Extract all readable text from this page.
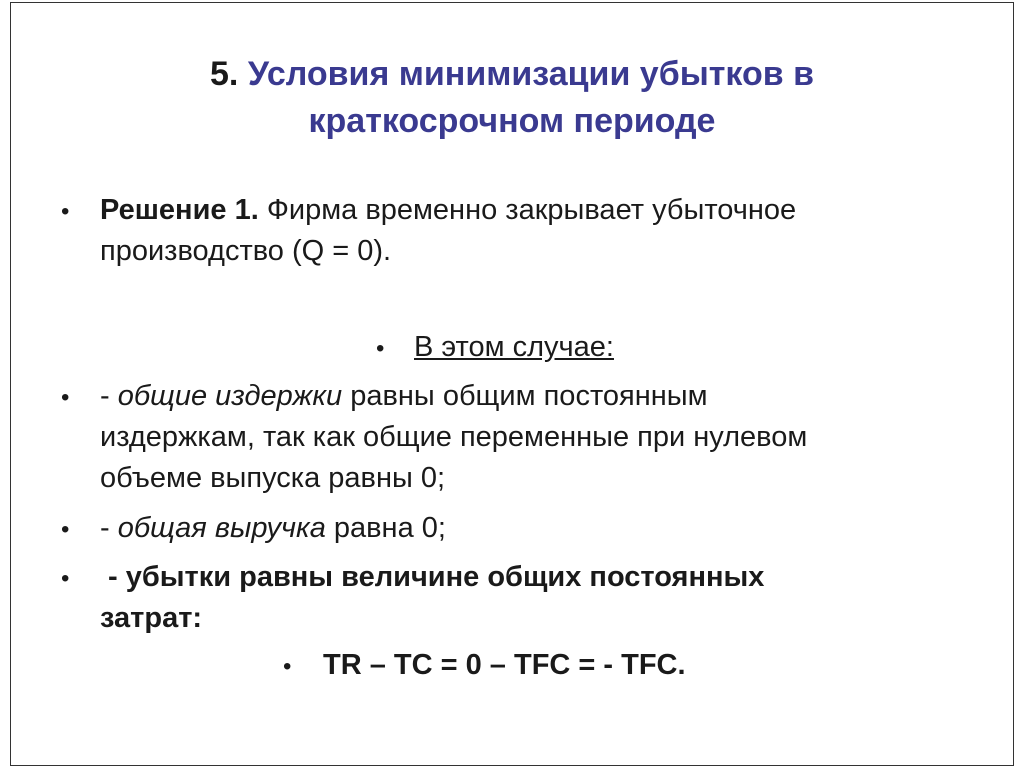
5. Условия минимизации убытков в
краткосрочном периоде
• Решение 1. Фирма временно закрывает убыточное
производство (Q = 0).
• В этом случае:
• - общие издержки равны общим постоянным
издержкам, так как общие переменные при нулевом
объеме выпуска равны 0;
• - общая выручка равна 0;
• - убытки равны величине общих постоянных
затрат:
• TR – TC = 0 – TFC = - TFC.
